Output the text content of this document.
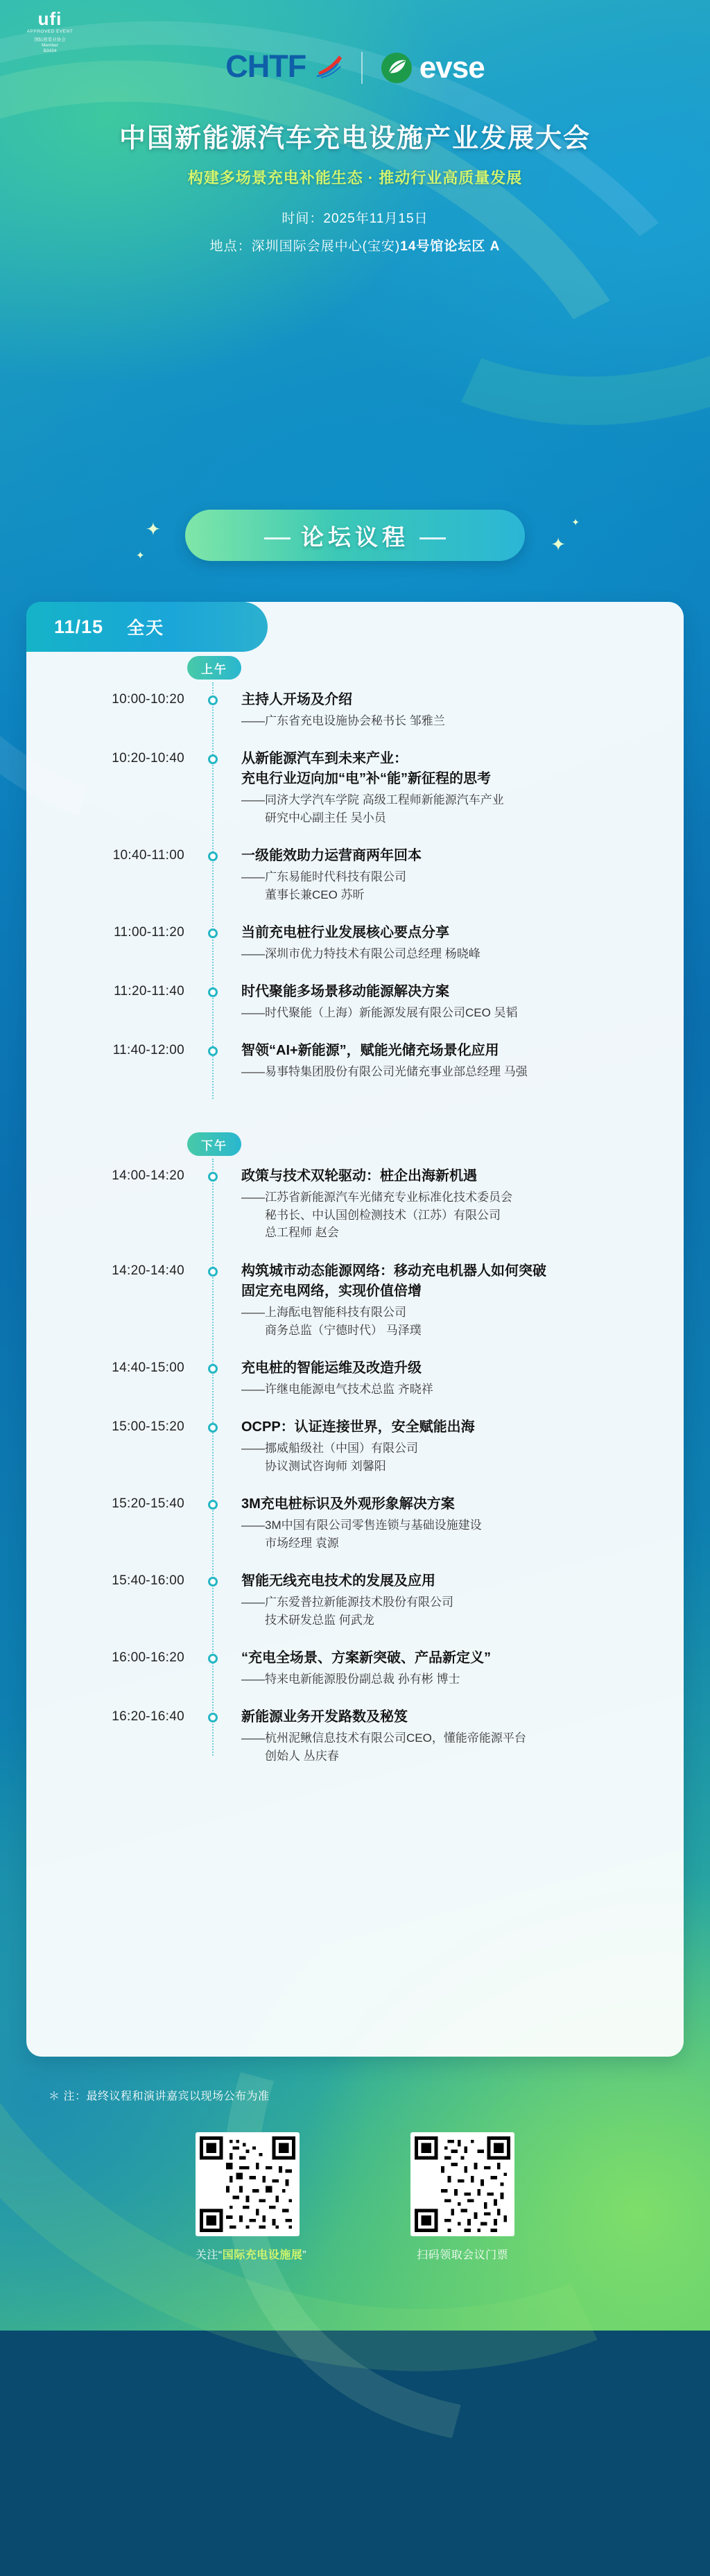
ufi
APPROVED EVENT
国际展览业协会
Member
B3434	CHTF	evse
中国新能源汽车充电设施产业发展大会
构建多场景充电补能生态 · 推动行业高质量发展
时间：2025年11月15日
地点：深圳国际会展中心(宝安)14号馆论坛区 A
✦
✦
✦
✦
论坛议程
11/15 全天
上午
10:00-10:20	主持人开场及介绍
——广东省充电设施协会秘书长 邹雅兰
10:20-10:40	从新能源汽车到未来产业：
充电行业迈向加“电”补“能”新征程的思考
——同济大学汽车学院 高级工程师新能源汽车产业
研究中心副主任 吴小员
10:40-11:00	一级能效助力运营商两年回本
——广东易能时代科技有限公司
董事长兼CEO 苏昕
11:00-11:20	当前充电桩行业发展核心要点分享
——深圳市优力特技术有限公司总经理 杨晓峰
11:20-11:40	时代聚能多场景移动能源解决方案
——时代聚能（上海）新能源发展有限公司CEO 吴韬
11:40-12:00	智领“AI+新能源”，赋能光储充场景化应用
——易事特集团股份有限公司光储充事业部总经理 马强
下午
14:00-14:20	政策与技术双轮驱动：桩企出海新机遇
——江苏省新能源汽车光储充专业标准化技术委员会
秘书长、中认国创检测技术（江苏）有限公司
总工程师 赵会
14:20-14:40	构筑城市动态能源网络：移动充电机器人如何突破
固定充电网络，实现价值倍增
——上海酝电智能科技有限公司
商务总监（宁德时代） 马泽璞
14:40-15:00	充电桩的智能运维及改造升级
——许继电能源电气技术总监 齐晓祥
15:00-15:20	OCPP：认证连接世界，安全赋能出海
——挪威船级社（中国）有限公司
协议测试咨询师 刘馨阳
15:20-15:40	3M充电桩标识及外观形象解决方案
——3M中国有限公司零售连锁与基础设施建设
市场经理 袁源
15:40-16:00	智能无线充电技术的发展及应用
——广东爱普拉新能源技术股份有限公司
技术研发总监 何武龙
16:00-16:20	“充电全场景、方案新突破、产品新定义”
——特来电新能源股份副总裁 孙有彬 博士
16:20-16:40	新能源业务开发路数及秘笈
——杭州泥鳅信息技术有限公司CEO，懂能帝能源平台
创始人 丛庆春
＊ 注：最终议程和演讲嘉宾以现场公布为准
关注“国际充电设施展”	扫码领取会议门票
